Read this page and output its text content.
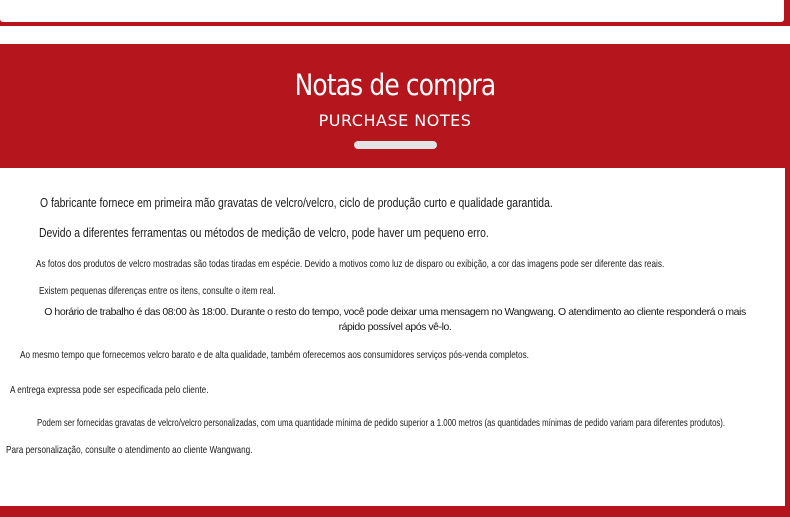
Notas de compra
PURCHASE NOTES

O fabricante fornece em primeira mão gravatas de velcro/velcro, ciclo de produção curto e qualidade garantida.

Devido a diferentes ferramentas ou métodos de medição de velcro, pode haver um pequeno erro.

As fotos dos produtos de velcro mostradas são todas tiradas em espécie. Devido a motivos como luz de disparo ou exibição, a cor das imagens pode ser diferente das reais.

Existem pequenas diferenças entre os itens, consulte o item real.

O horário de trabalho é das 08:00 às 18:00. Durante o resto do tempo, você pode deixar uma mensagem no Wangwang. O atendimento ao cliente responderá o mais rápido possível após vê-lo.

Ao mesmo tempo que fornecemos velcro barato e de alta qualidade, também oferecemos aos consumidores serviços pós-venda completos.

A entrega expressa pode ser especificada pelo cliente.

Podem ser fornecidas gravatas de velcro/velcro personalizadas, com uma quantidade mínima de pedido superior a 1.000 metros (as quantidades mínimas de pedido variam para diferentes produtos).

Para personalização, consulte o atendimento ao cliente Wangwang.
